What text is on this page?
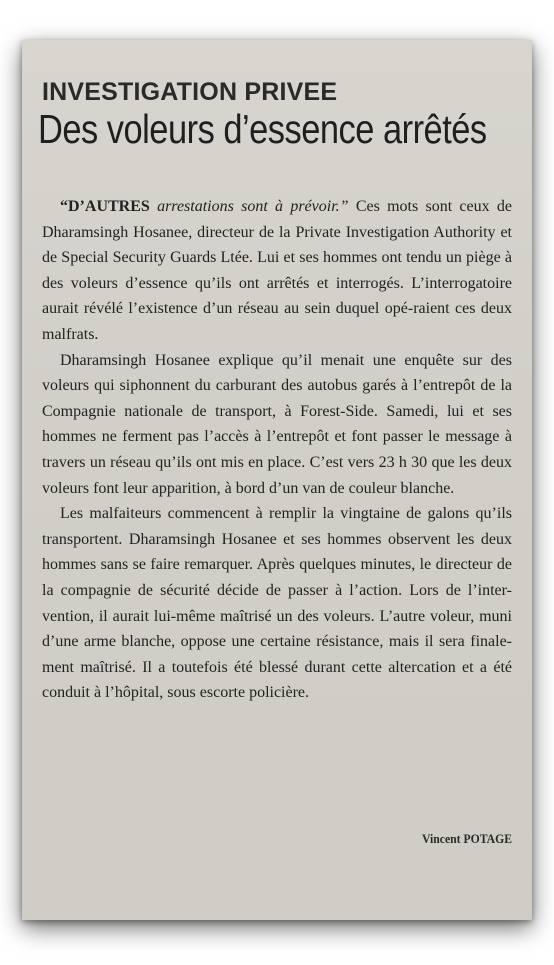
INVESTIGATION PRIVEE
Des voleurs d’essence arrêtés

“D’AUTRES arrestations sont à prévoir.” Ces mots sont ceux de Dharamsingh Hosanee, directeur de la Private Investigation Authority et de Special Security Guards Ltée. Lui et ses hommes ont tendu un piège à des voleurs d’essence qu’ils ont arrêtés et interrogés. L’interrogatoire aurait révélé l’existence d’un réseau au sein duquel opé-raient ces deux malfrats.

Dharamsingh Hosanee explique qu’il menait une enquête sur des voleurs qui siphonnent du carburant des autobus garés à l’entrepôt de la Compagnie nationale de transport, à Forest-Side. Samedi, lui et ses hommes ne ferment pas l’accès à l’entrepôt et font passer le message à travers un réseau qu’ils ont mis en place. C’est vers 23 h 30 que les deux voleurs font leur apparition, à bord d’un van de couleur blanche.

Les malfaiteurs commencent à remplir la vingtaine de galons qu’ils transportent. Dharamsingh Hosanee et ses hommes observent les deux hommes sans se faire remarquer. Après quelques minutes, le directeur de la compagnie de sécurité décide de passer à l’action. Lors de l’inter-vention, il aurait lui-même maîtrisé un des voleurs. L’autre voleur, muni d’une arme blanche, oppose une certaine résistance, mais il sera finale-ment maîtrisé. Il a toutefois été blessé durant cette altercation et a été conduit à l’hôpital, sous escorte policière.

Vincent POTAGE
